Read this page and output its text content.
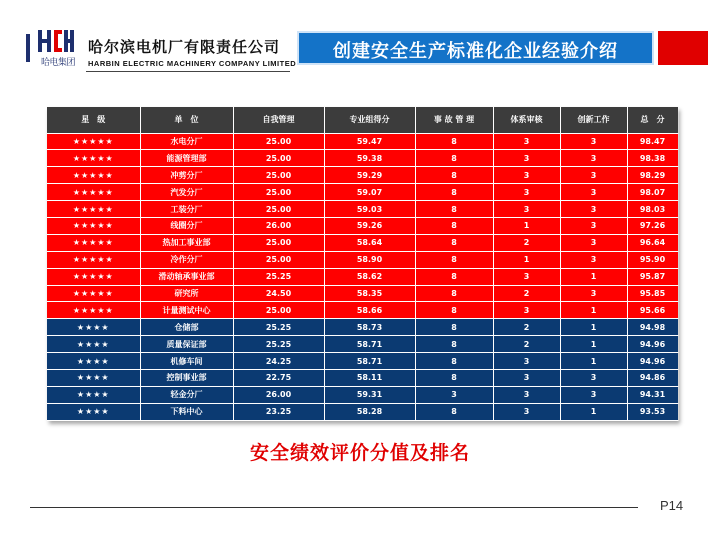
哈电集团
哈尔滨电机厂有限责任公司
HARBIN ELECTRIC MACHINERY COMPANY LIMITED
创建安全生产标准化企业经验介绍
星　级	单　位	自我管理	专业组得分	事 故 管 理	体系审核	创新工作	总　分
★★★★★	水电分厂	25.00	59.47	8	3	3	98.47
★★★★★	能源管理部	25.00	59.38	8	3	3	98.38
★★★★★	冲剪分厂	25.00	59.29	8	3	3	98.29
★★★★★	汽发分厂	25.00	59.07	8	3	3	98.07
★★★★★	工装分厂	25.00	59.03	8	3	3	98.03
★★★★★	线圈分厂	26.00	59.26	8	1	3	97.26
★★★★★	热加工事业部	25.00	58.64	8	2	3	96.64
★★★★★	冷作分厂	25.00	58.90	8	1	3	95.90
★★★★★	滑动轴承事业部	25.25	58.62	8	3	1	95.87
★★★★★	研究所	24.50	58.35	8	2	3	95.85
★★★★★	计量测试中心	25.00	58.66	8	3	1	95.66
★★★★	仓储部	25.25	58.73	8	2	1	94.98
★★★★	质量保证部	25.25	58.71	8	2	1	94.96
★★★★	机修车间	24.25	58.71	8	3	1	94.96
★★★★	控制事业部	22.75	58.11	8	3	3	94.86
★★★★	轻金分厂	26.00	59.31	3	3	3	94.31
★★★★	下料中心	23.25	58.28	8	3	1	93.53
安全绩效评价分值及排名
P14
